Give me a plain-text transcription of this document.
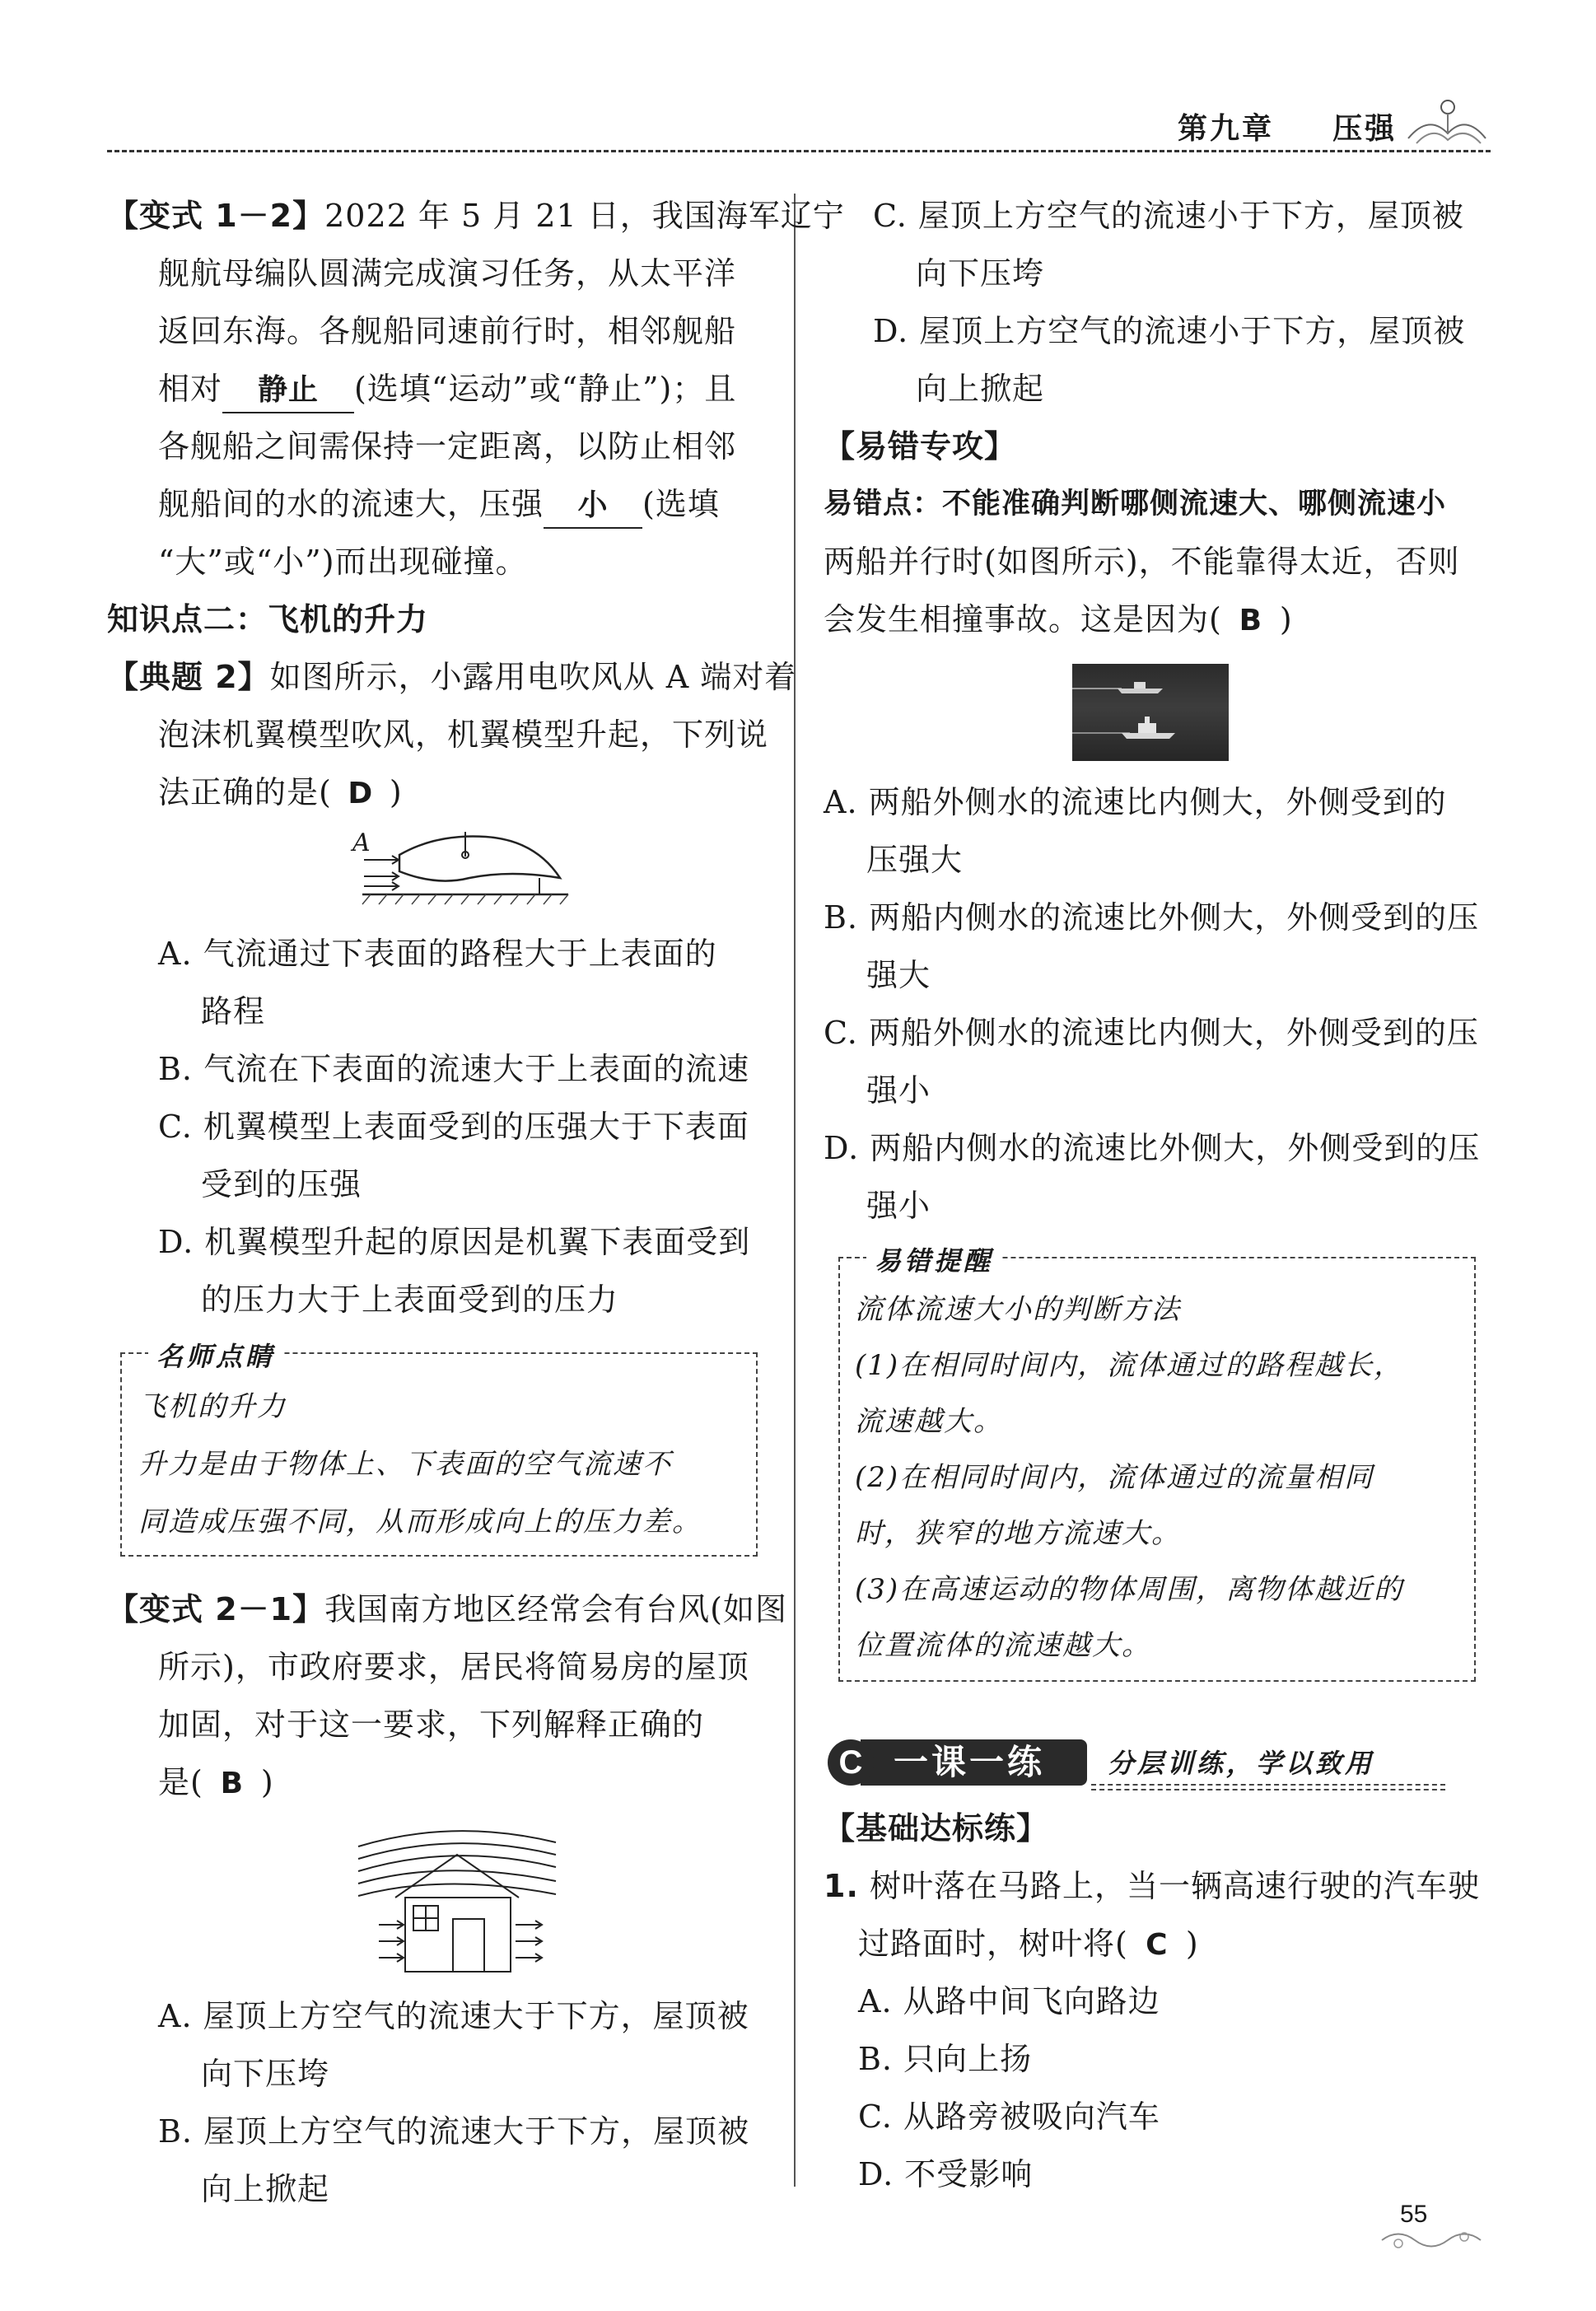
第九章 压强
【变式 1－2】2022 年 5 月 21 日，我国海军辽宁
舰航母编队圆满完成演习任务，从太平洋
返回东海。各舰船同速前行时，相邻舰船
相对 静止 (选填“运动”或“静止”)；且
各舰船之间需保持一定距离，以防止相邻
舰船间的水的流速大，压强 小 (选填
“大”或“小”)而出现碰撞。
知识点二：飞机的升力
【典题 2】如图所示，小露用电吹风从 A 端对着
泡沫机翼模型吹风，机翼模型升起，下列说
法正确的是( D )
A
A. 气流通过下表面的路程大于上表面的
路程
B. 气流在下表面的流速大于上表面的流速
C. 机翼模型上表面受到的压强大于下表面
受到的压强
D. 机翼模型升起的原因是机翼下表面受到
的压力大于上表面受到的压力
名师点睛
飞机的升力
升力是由于物体上、下表面的空气流速不
同造成压强不同，从而形成向上的压力差。
【变式 2－1】我国南方地区经常会有台风(如图
所示)，市政府要求，居民将简易房的屋顶
加固，对于这一要求，下列解释正确的
是( B )
A. 屋顶上方空气的流速大于下方，屋顶被
向下压垮
B. 屋顶上方空气的流速大于下方，屋顶被
向上掀起
C. 屋顶上方空气的流速小于下方，屋顶被
向下压垮
D. 屋顶上方空气的流速小于下方，屋顶被
向上掀起
【易错专攻】
易错点：不能准确判断哪侧流速大、哪侧流速小
两船并行时(如图所示)，不能靠得太近，否则
会发生相撞事故。这是因为( B )
A. 两船外侧水的流速比内侧大，外侧受到的
压强大
B. 两船内侧水的流速比外侧大，外侧受到的压
强大
C. 两船外侧水的流速比内侧大，外侧受到的压
强小
D. 两船内侧水的流速比外侧大，外侧受到的压
强小
易错提醒
流体流速大小的判断方法
(1)在相同时间内，流体通过的路程越长，
流速越大。
(2)在相同时间内，流体通过的流量相同
时，狭窄的地方流速大。
(3)在高速运动的物体周围，离物体越近的
位置流体的流速越大。
一课一练
C	分层训练，学以致用
【基础达标练】
1. 树叶落在马路上，当一辆高速行驶的汽车驶
过路面时，树叶将( C )
A. 从路中间飞向路边
B. 只向上扬
C. 从路旁被吸向汽车
D. 不受影响
55
